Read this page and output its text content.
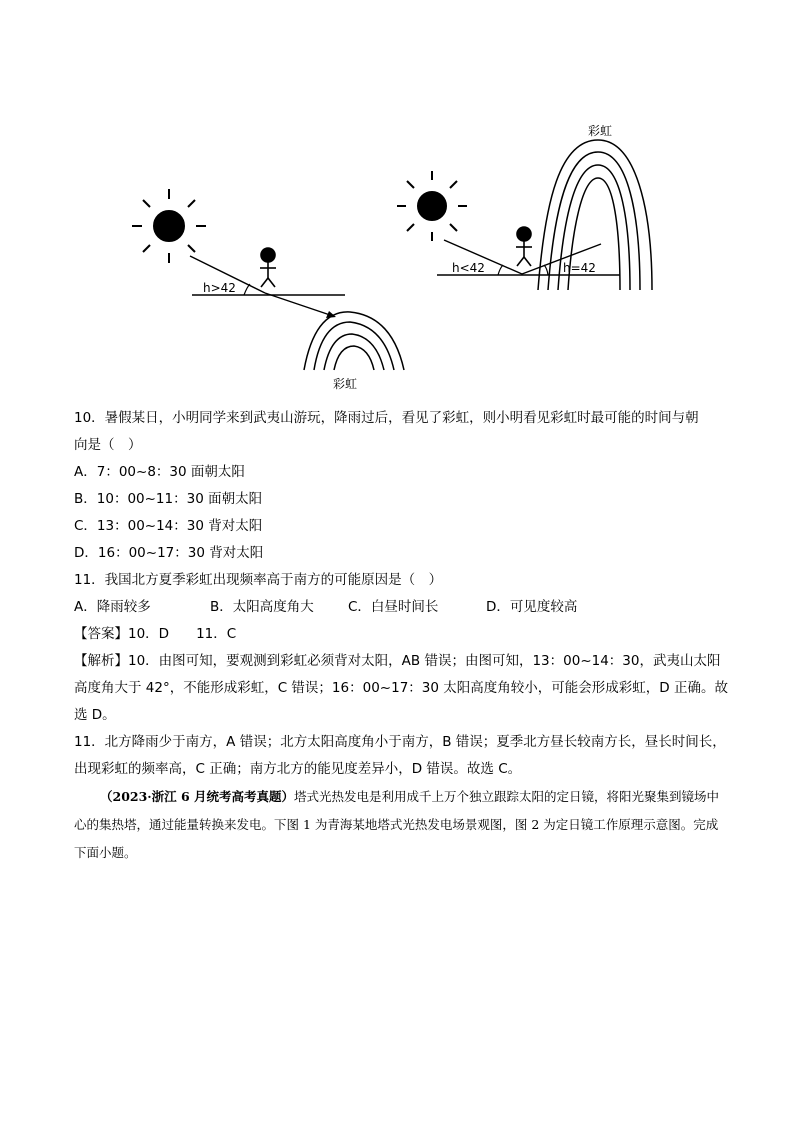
h>42
彩虹
h<42	h=42
彩虹
10．暑假某日，小明同学来到武夷山游玩，降雨过后，看见了彩虹，则小明看见彩虹时最可能的时间与朝
向是（　）
A．7：00~8：30 面朝太阳
B．10：00~11：30 面朝太阳
C．13：00~14：30 背对太阳
D．16：00~17：30 背对太阳
11．我国北方夏季彩虹出现频率高于南方的可能原因是（　）
A．降雨较多	B．太阳高度角大	C．白昼时间长	D．可见度较高
【答案】10．D　　11．C
【解析】10．由图可知，要观测到彩虹必须背对太阳，AB 错误；由图可知，13：00~14：30，武夷山太阳
高度角大于 42°，不能形成彩虹，C 错误；16：00~17：30 太阳高度角较小，可能会形成彩虹，D 正确。故
选 D。
11．北方降雨少于南方，A 错误；北方太阳高度角小于南方，B 错误；夏季北方昼长较南方长，昼长时间长，
出现彩虹的频率高，C 正确；南方北方的能见度差异小，D 错误。故选 C。
（2023·浙江 6 月统考高考真题）塔式光热发电是利用成千上万个独立跟踪太阳的定日镜，将阳光聚集到镜场中心的集热塔，通过能量转换来发电。下图 1 为青海某地塔式光热发电场景观图，图 2 为定日镜工作原理示意图。完成下面小题。
